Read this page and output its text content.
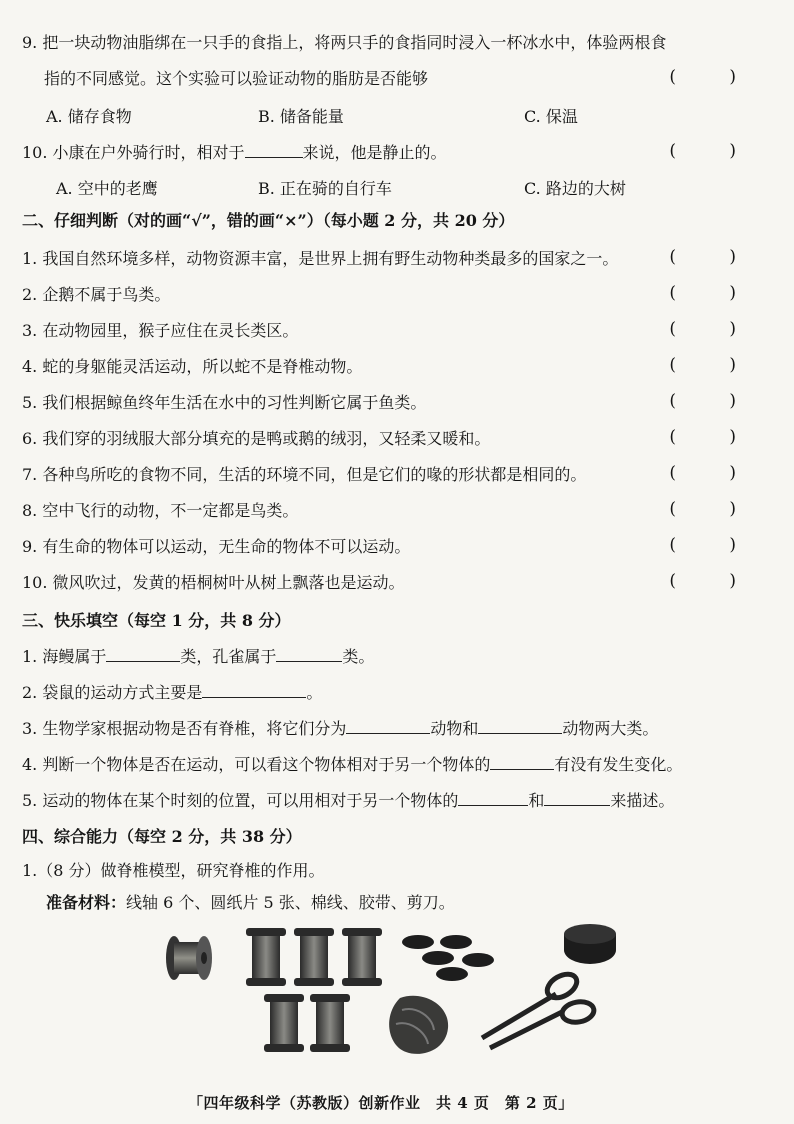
9. 把一块动物油脂绑在一只手的食指上，将两只手的食指同时浸入一杯冰水中，体验两根食
指的不同感觉。这个实验可以验证动物的脂肪是否能够	( )
A. 储存食物	B. 储备能量	C. 保温
10. 小康在户外骑行时，相对于	来说，他是静止的。	( )
A. 空中的老鹰	B. 正在骑的自行车	C. 路边的大树
二、仔细判断（对的画“√”，错的画“×”）（每小题 2 分，共 20 分）
1. 我国自然环境多样，动物资源丰富，是世界上拥有野生动物种类最多的国家之一。	( )
2. 企鹅不属于鸟类。	( )
3. 在动物园里，猴子应住在灵长类区。	( )
4. 蛇的身躯能灵活运动，所以蛇不是脊椎动物。	( )
5. 我们根据鲸鱼终年生活在水中的习性判断它属于鱼类。	( )
6. 我们穿的羽绒服大部分填充的是鸭或鹅的绒羽，又轻柔又暖和。	( )
7. 各种鸟所吃的食物不同，生活的环境不同，但是它们的喙的形状都是相同的。	( )
8. 空中飞行的动物，不一定都是鸟类。	( )
9. 有生命的物体可以运动，无生命的物体不可以运动。	( )
10. 微风吹过，发黄的梧桐树叶从树上飘落也是运动。	( )
三、快乐填空（每空 1 分，共 8 分）
1. 海鳗属于	类，孔雀属于	类。
2. 袋鼠的运动方式主要是	。
3. 生物学家根据动物是否有脊椎，将它们分为	动物和	动物两大类。
4. 判断一个物体是否在运动，可以看这个物体相对于另一个物体的	有没有发生变化。
5. 运动的物体在某个时刻的位置，可以用相对于另一个物体的	和	来描述。
四、综合能力（每空 2 分，共 38 分）
1.（8 分）做脊椎模型，研究脊椎的作用。
准备材料：线轴 6 个、圆纸片 5 张、棉线、胶带、剪刀。
「四年级科学（苏教版）创新作业　共 4 页　第 2 页」
